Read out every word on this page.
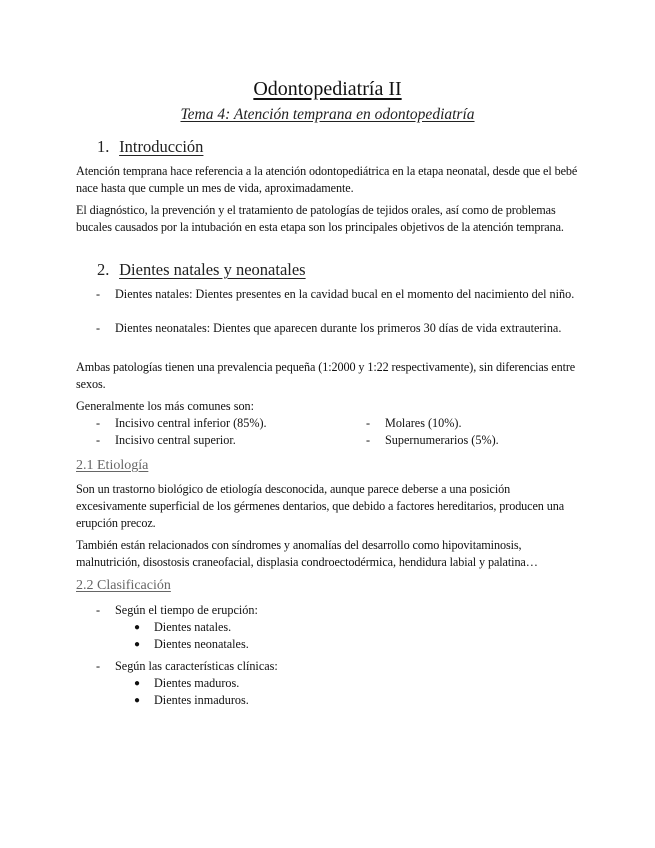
Odontopediatría II
Tema 4: Atención temprana en odontopediatría
1. Introducción
Atención temprana hace referencia a la atención odontopediátrica en la etapa neonatal, desde que el bebé nace hasta que cumple un mes de vida, aproximadamente.
El diagnóstico, la prevención y el tratamiento de patologías de tejidos orales, así como de problemas bucales causados por la intubación en esta etapa son los principales objetivos de la atención temprana.
2. Dientes natales y neonatales
- Dientes natales: Dientes presentes en la cavidad bucal en el momento del nacimiento del niño.
- Dientes neonatales: Dientes que aparecen durante los primeros 30 días de vida extrauterina.
Ambas patologías tienen una prevalencia pequeña (1:2000 y 1:22 respectivamente), sin diferencias entre sexos.
Generalmente los más comunes son:
- Incisivo central inferior (85%).
- Incisivo central superior.
- Molares (10%).
- Supernumerarios (5%).
2.1 Etiología
Son un trastorno biológico de etiología desconocida, aunque parece deberse a una posición excesivamente superficial de los gérmenes dentarios, que debido a factores hereditarios, producen una erupción precoz.
También están relacionados con síndromes y anomalías del desarrollo como hipovitaminosis, malnutrición, disostosis craneofacial, displasia condroectodérmica, hendidura labial y palatina…
2.2 Clasificación
- Según el tiempo de erupción:
● Dientes natales.
● Dientes neonatales.
- Según las características clínicas:
● Dientes maduros.
● Dientes inmaduros.
